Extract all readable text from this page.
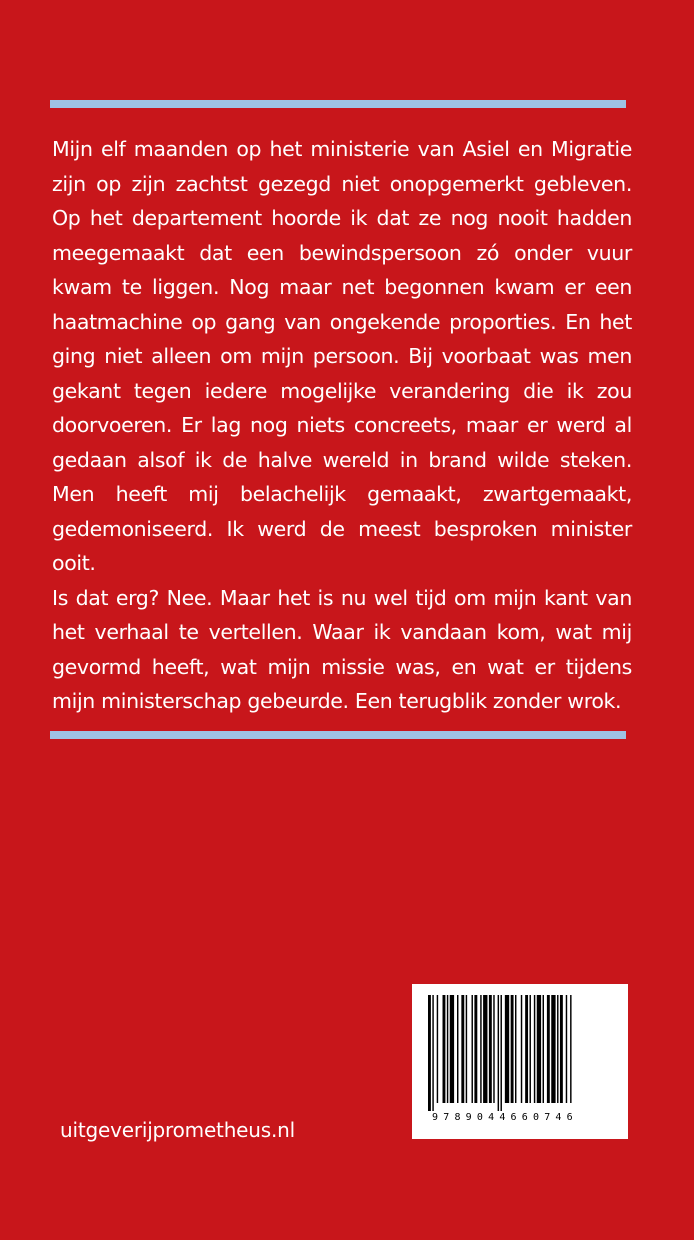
Mijn elf maanden op het ministerie van Asiel en Migratie zijn op zijn zachtst gezegd niet onopgemerkt gebleven. Op het departement hoorde ik dat ze nog nooit hadden meegemaakt dat een bewindspersoon zó onder vuur kwam te liggen. Nog maar net begonnen kwam er een haatmachine op gang van ongekende proporties. En het ging niet alleen om mijn persoon. Bij voorbaat was men gekant tegen iedere mogelijke verandering die ik zou doorvoeren. Er lag nog niets concreets, maar er werd al gedaan alsof ik de halve wereld in brand wilde steken. Men heeft mij belachelijk gemaakt, zwartgemaakt, gedemoniseerd. Ik werd de meest besproken minister ooit.

Is dat erg? Nee. Maar het is nu wel tijd om mijn kant van het verhaal te vertellen. Waar ik vandaan kom, wat mij gevormd heeft, wat mijn missie was, en wat er tijdens mijn ministerschap gebeurde. Een terugblik zonder wrok.

uitgeverijprometheus.nl
9789044660746
